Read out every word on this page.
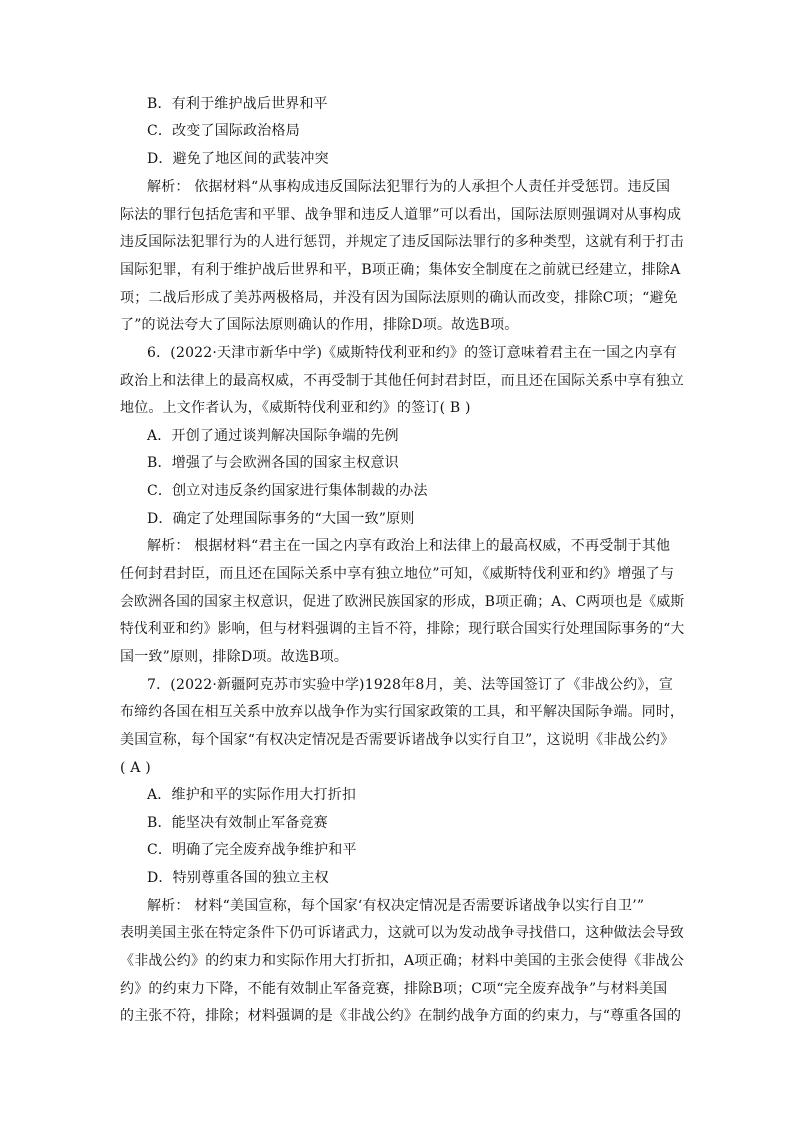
B．有利于维护战后世界和平
C．改变了国际政治格局
D．避免了地区间的武装冲突
解析： 依据材料“从事构成违反国际法犯罪行为的人承担个人责任并受惩罚。违反国
际法的罪行包括危害和平罪、战争罪和违反人道罪”可以看出，国际法原则强调对从事构成
违反国际法犯罪行为的人进行惩罚，并规定了违反国际法罪行的多种类型，这就有利于打击
国际犯罪，有利于维护战后世界和平，B项正确；集体安全制度在之前就已经建立，排除A
项；二战后形成了美苏两极格局，并没有因为国际法原则的确认而改变，排除C项；“避免
了”的说法夸大了国际法原则确认的作用，排除D项。故选B项。
6．(2022·天津市新华中学)《威斯特伐利亚和约》的签订意味着君主在一国之内享有
政治上和法律上的最高权威，不再受制于其他任何封君封臣，而且还在国际关系中享有独立
地位。上文作者认为，《威斯特伐利亚和约》的签订( B )
A．开创了通过谈判解决国际争端的先例
B．增强了与会欧洲各国的国家主权意识
C．创立对违反条约国家进行集体制裁的办法
D．确定了处理国际事务的“大国一致”原则
解析： 根据材料“君主在一国之内享有政治上和法律上的最高权威，不再受制于其他
任何封君封臣，而且还在国际关系中享有独立地位”可知，《威斯特伐利亚和约》增强了与
会欧洲各国的国家主权意识，促进了欧洲民族国家的形成，B项正确；A、C两项也是《威斯
特伐利亚和约》影响，但与材料强调的主旨不符，排除；现行联合国实行处理国际事务的“大
国一致”原则，排除D项。故选B项。
7．(2022·新疆阿克苏市实验中学)1928年8月，美、法等国签订了《非战公约》，宣
布缔约各国在相互关系中放弃以战争作为实行国家政策的工具，和平解决国际争端。同时，
美国宣称，每个国家“有权决定情况是否需要诉诸战争以实行自卫”，这说明《非战公约》
( A )
A．维护和平的实际作用大打折扣
B．能坚决有效制止军备竞赛
C．明确了完全废弃战争维护和平
D．特别尊重各国的独立主权
解析： 材料“美国宣称，每个国家‘有权决定情况是否需要诉诸战争以实行自卫’”
表明美国主张在特定条件下仍可诉诸武力，这就可以为发动战争寻找借口，这种做法会导致
《非战公约》的约束力和实际作用大打折扣，A项正确；材料中美国的主张会使得《非战公
约》的约束力下降，不能有效制止军备竞赛，排除B项；C项“完全废弃战争”与材料美国
的主张不符，排除；材料强调的是《非战公约》在制约战争方面的约束力，与“尊重各国的
